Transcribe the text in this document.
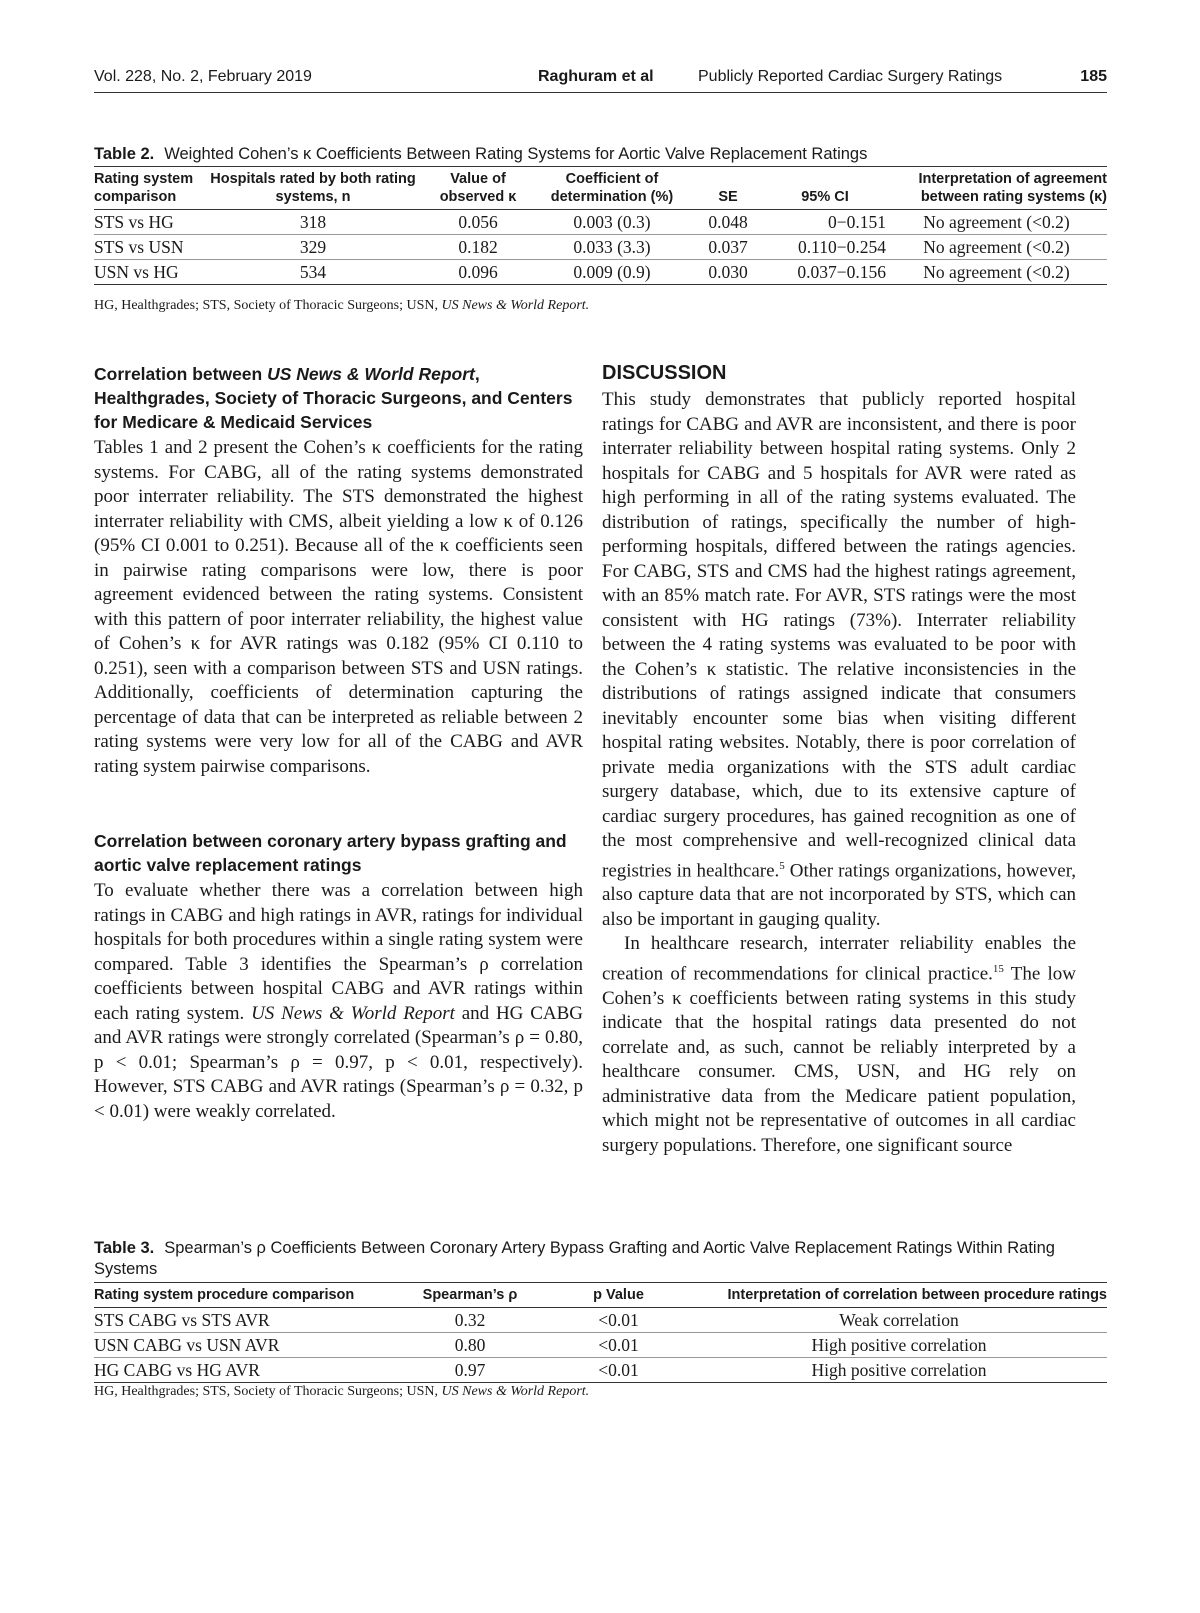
Vol. 228, No. 2, February 2019	Raghuram et al	Publicly Reported Cardiac Surgery Ratings	185
Table 2. Weighted Cohen’s κ Coefficients Between Rating Systems for Aortic Valve Replacement Ratings
Rating system comparison	Hospitals rated by both rating systems, n	Value of observed κ	Coefficient of determination (%)	SE	95% CI	Interpretation of agreement between rating systems (κ)
STS vs HG	318	0.056	0.003 (0.3)	0.048	0−0.151	No agreement (<0.2)
STS vs USN	329	0.182	0.033 (3.3)	0.037	0.110−0.254	No agreement (<0.2)
USN vs HG	534	0.096	0.009 (0.9)	0.030	0.037−0.156	No agreement (<0.2)
HG, Healthgrades; STS, Society of Thoracic Surgeons; USN, US News & World Report.
Correlation between US News & World Report, Healthgrades, Society of Thoracic Surgeons, and Centers for Medicare & Medicaid Services

Tables 1 and 2 present the Cohen’s κ coefficients for the rating systems. For CABG, all of the rating systems demonstrated poor interrater reliability. The STS demonstrated the highest interrater reliability with CMS, albeit yielding a low κ of 0.126 (95% CI 0.001 to 0.251). Because all of the κ coefficients seen in pairwise rating comparisons were low, there is poor agreement evidenced between the rating systems. Consistent with this pattern of poor interrater reliability, the highest value of Cohen’s κ for AVR ratings was 0.182 (95% CI 0.110 to 0.251), seen with a comparison between STS and USN ratings. Additionally, coefficients of determination capturing the percentage of data that can be interpreted as reliable between 2 rating systems were very low for all of the CABG and AVR rating system pairwise comparisons.

Correlation between coronary artery bypass grafting and aortic valve replacement ratings

To evaluate whether there was a correlation between high ratings in CABG and high ratings in AVR, ratings for individual hospitals for both procedures within a single rating system were compared. Table 3 identifies the Spearman’s ρ correlation coefficients between hospital CABG and AVR ratings within each rating system. US News & World Report and HG CABG and AVR ratings were strongly correlated (Spearman’s ρ = 0.80, p < 0.01; Spearman’s ρ = 0.97, p < 0.01, respectively). However, STS CABG and AVR ratings (Spearman’s ρ = 0.32, p < 0.01) were weakly correlated.

DISCUSSION

This study demonstrates that publicly reported hospital ratings for CABG and AVR are inconsistent, and there is poor interrater reliability between hospital rating systems. Only 2 hospitals for CABG and 5 hospitals for AVR were rated as high performing in all of the rating systems evaluated. The distribution of ratings, specifically the number of high-performing hospitals, differed between the ratings agencies. For CABG, STS and CMS had the highest ratings agreement, with an 85% match rate. For AVR, STS ratings were the most consistent with HG ratings (73%). Interrater reliability between the 4 rating systems was evaluated to be poor with the Cohen’s κ statistic. The relative inconsistencies in the distributions of ratings assigned indicate that consumers inevitably encounter some bias when visiting different hospital rating websites. Notably, there is poor correlation of private media organizations with the STS adult cardiac surgery database, which, due to its extensive capture of cardiac surgery procedures, has gained recognition as one of the most comprehensive and well-recognized clinical data registries in healthcare.$^5$ Other ratings organizations, however, also capture data that are not incorporated by STS, which can also be important in gauging quality.

In healthcare research, interrater reliability enables the creation of recommendations for clinical practice.$^{15}$ The low Cohen’s κ coefficients between rating systems in this study indicate that the hospital ratings data presented do not correlate and, as such, cannot be reliably interpreted by a healthcare consumer. CMS, USN, and HG rely on administrative data from the Medicare patient population, which might not be representative of outcomes in all cardiac surgery populations. Therefore, one significant source

Table 3. Spearman’s ρ Coefficients Between Coronary Artery Bypass Grafting and Aortic Valve Replacement Ratings Within Rating Systems
Rating system procedure comparison	Spearman’s ρ	p Value	Interpretation of correlation between procedure ratings
STS CABG vs STS AVR	0.32	<0.01	Weak correlation
USN CABG vs USN AVR	0.80	<0.01	High positive correlation
HG CABG vs HG AVR	0.97	<0.01	High positive correlation
HG, Healthgrades; STS, Society of Thoracic Surgeons; USN, US News & World Report.
